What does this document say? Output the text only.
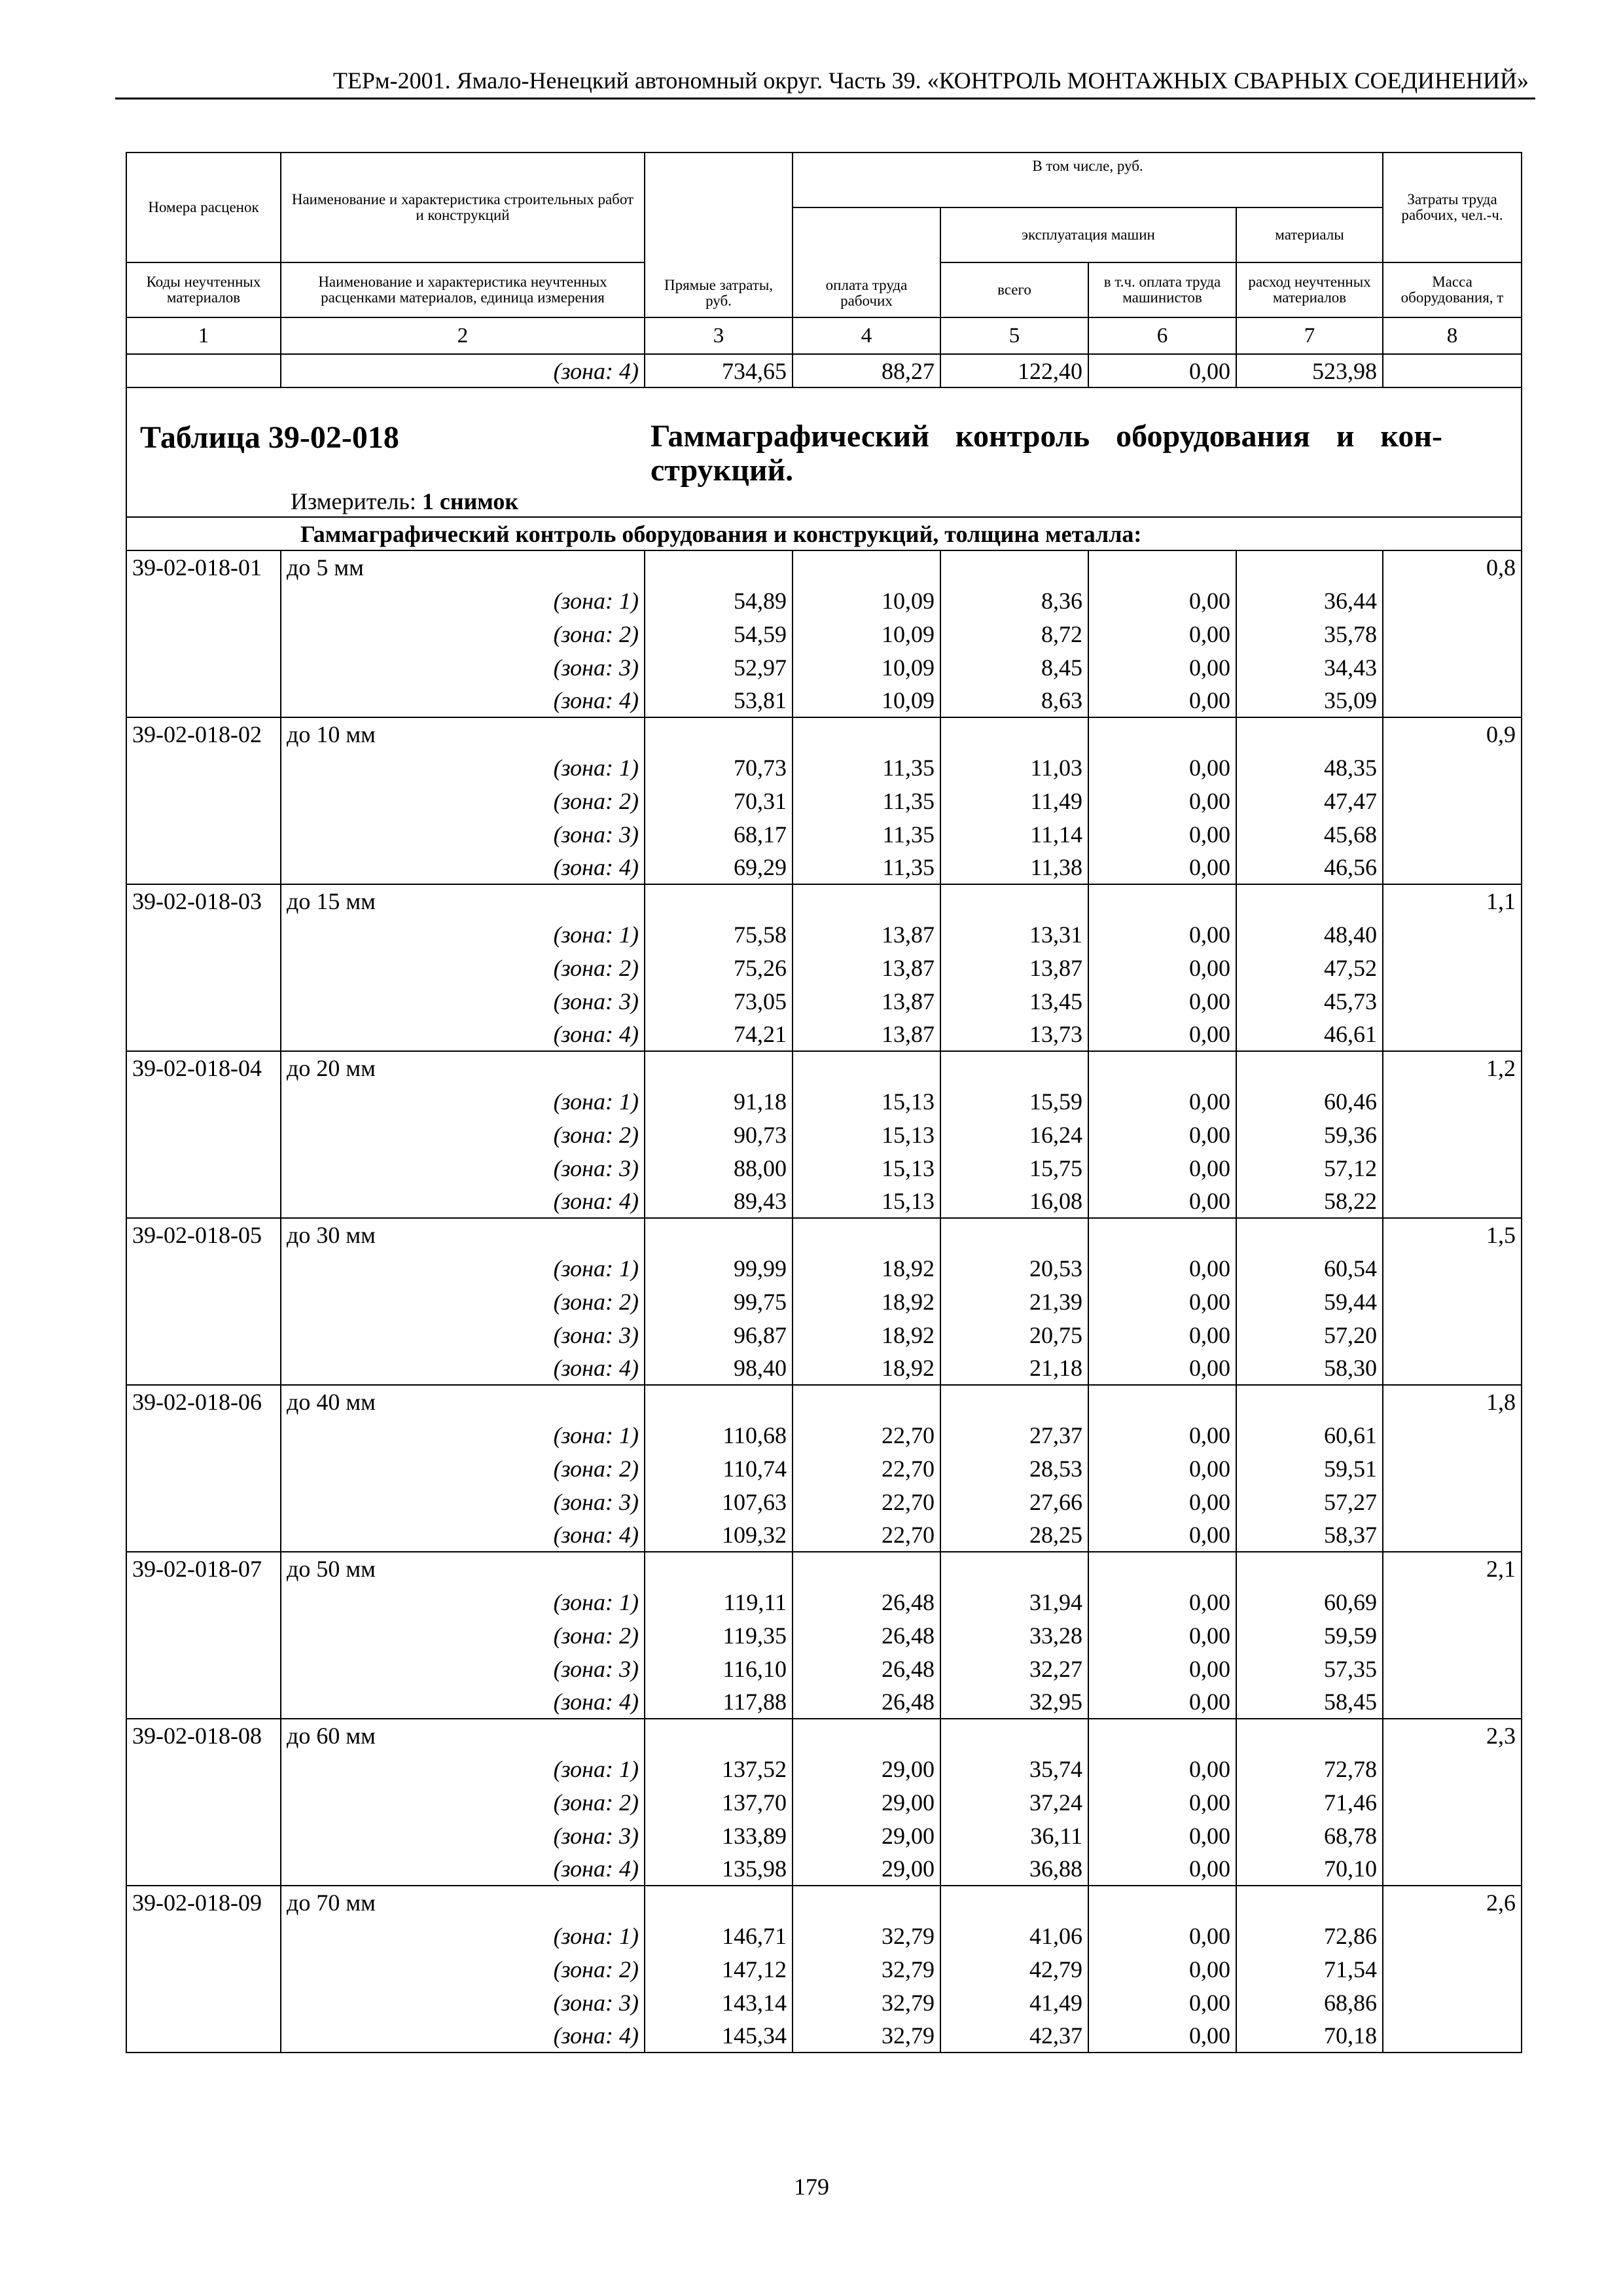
ТЕРм-2001. Ямало-Ненецкий автономный округ. Часть 39. «КОНТРОЛЬ МОНТАЖНЫХ СВАРНЫХ СОЕДИНЕНИЙ»
Номера расценок	Наименование и характеристика строительных работ и конструкций	Прямые затраты, руб.	В том числе, руб.				Затраты труда рабочих, чел.-ч.
			оплата труда рабочих	эксплуатация машин		материалы	
Коды неучтенных материалов	Наименование и характеристика неучтенных расценками материалов, единица измерения			всего	в т.ч. оплата труда машинистов	расход неучтенных материалов	Масса оборудования, т
1	2	3	4	5	6	7	8
	(зона: 4)	734,65	88,27	122,40	0,00	523,98	

Таблица 39-02-018 Гаммаграфический контроль оборудования и кон-струкций.
Измеритель: 1 снимок							

	Гаммаграфический контроль оборудования и конструкций, толщина металла:						
39-02-018-01	до 5 мм						0,8
	(зона: 1)	54,89	10,09	8,36	0,00	36,44	
	(зона: 2)	54,59	10,09	8,72	0,00	35,78	
	(зона: 3)	52,97	10,09	8,45	0,00	34,43	
	(зона: 4)	53,81	10,09	8,63	0,00	35,09	
39-02-018-02	до 10 мм						0,9
	(зона: 1)	70,73	11,35	11,03	0,00	48,35	
	(зона: 2)	70,31	11,35	11,49	0,00	47,47	
	(зона: 3)	68,17	11,35	11,14	0,00	45,68	
	(зона: 4)	69,29	11,35	11,38	0,00	46,56	
39-02-018-03	до 15 мм						1,1
	(зона: 1)	75,58	13,87	13,31	0,00	48,40	
	(зона: 2)	75,26	13,87	13,87	0,00	47,52	
	(зона: 3)	73,05	13,87	13,45	0,00	45,73	
	(зона: 4)	74,21	13,87	13,73	0,00	46,61	
39-02-018-04	до 20 мм						1,2
	(зона: 1)	91,18	15,13	15,59	0,00	60,46	
	(зона: 2)	90,73	15,13	16,24	0,00	59,36	
	(зона: 3)	88,00	15,13	15,75	0,00	57,12	
	(зона: 4)	89,43	15,13	16,08	0,00	58,22	
39-02-018-05	до 30 мм						1,5
	(зона: 1)	99,99	18,92	20,53	0,00	60,54	
	(зона: 2)	99,75	18,92	21,39	0,00	59,44	
	(зона: 3)	96,87	18,92	20,75	0,00	57,20	
	(зона: 4)	98,40	18,92	21,18	0,00	58,30	
39-02-018-06	до 40 мм						1,8
	(зона: 1)	110,68	22,70	27,37	0,00	60,61	
	(зона: 2)	110,74	22,70	28,53	0,00	59,51	
	(зона: 3)	107,63	22,70	27,66	0,00	57,27	
	(зона: 4)	109,32	22,70	28,25	0,00	58,37	
39-02-018-07	до 50 мм						2,1
	(зона: 1)	119,11	26,48	31,94	0,00	60,69	
	(зона: 2)	119,35	26,48	33,28	0,00	59,59	
	(зона: 3)	116,10	26,48	32,27	0,00	57,35	
	(зона: 4)	117,88	26,48	32,95	0,00	58,45	
39-02-018-08	до 60 мм						2,3
	(зона: 1)	137,52	29,00	35,74	0,00	72,78	
	(зона: 2)	137,70	29,00	37,24	0,00	71,46	
	(зона: 3)	133,89	29,00	36,11	0,00	68,78	
	(зона: 4)	135,98	29,00	36,88	0,00	70,10	
39-02-018-09	до 70 мм						2,6
	(зона: 1)	146,71	32,79	41,06	0,00	72,86	
	(зона: 2)	147,12	32,79	42,79	0,00	71,54	
	(зона: 3)	143,14	32,79	41,49	0,00	68,86	
	(зона: 4)	145,34	32,79	42,37	0,00	70,18	
179
